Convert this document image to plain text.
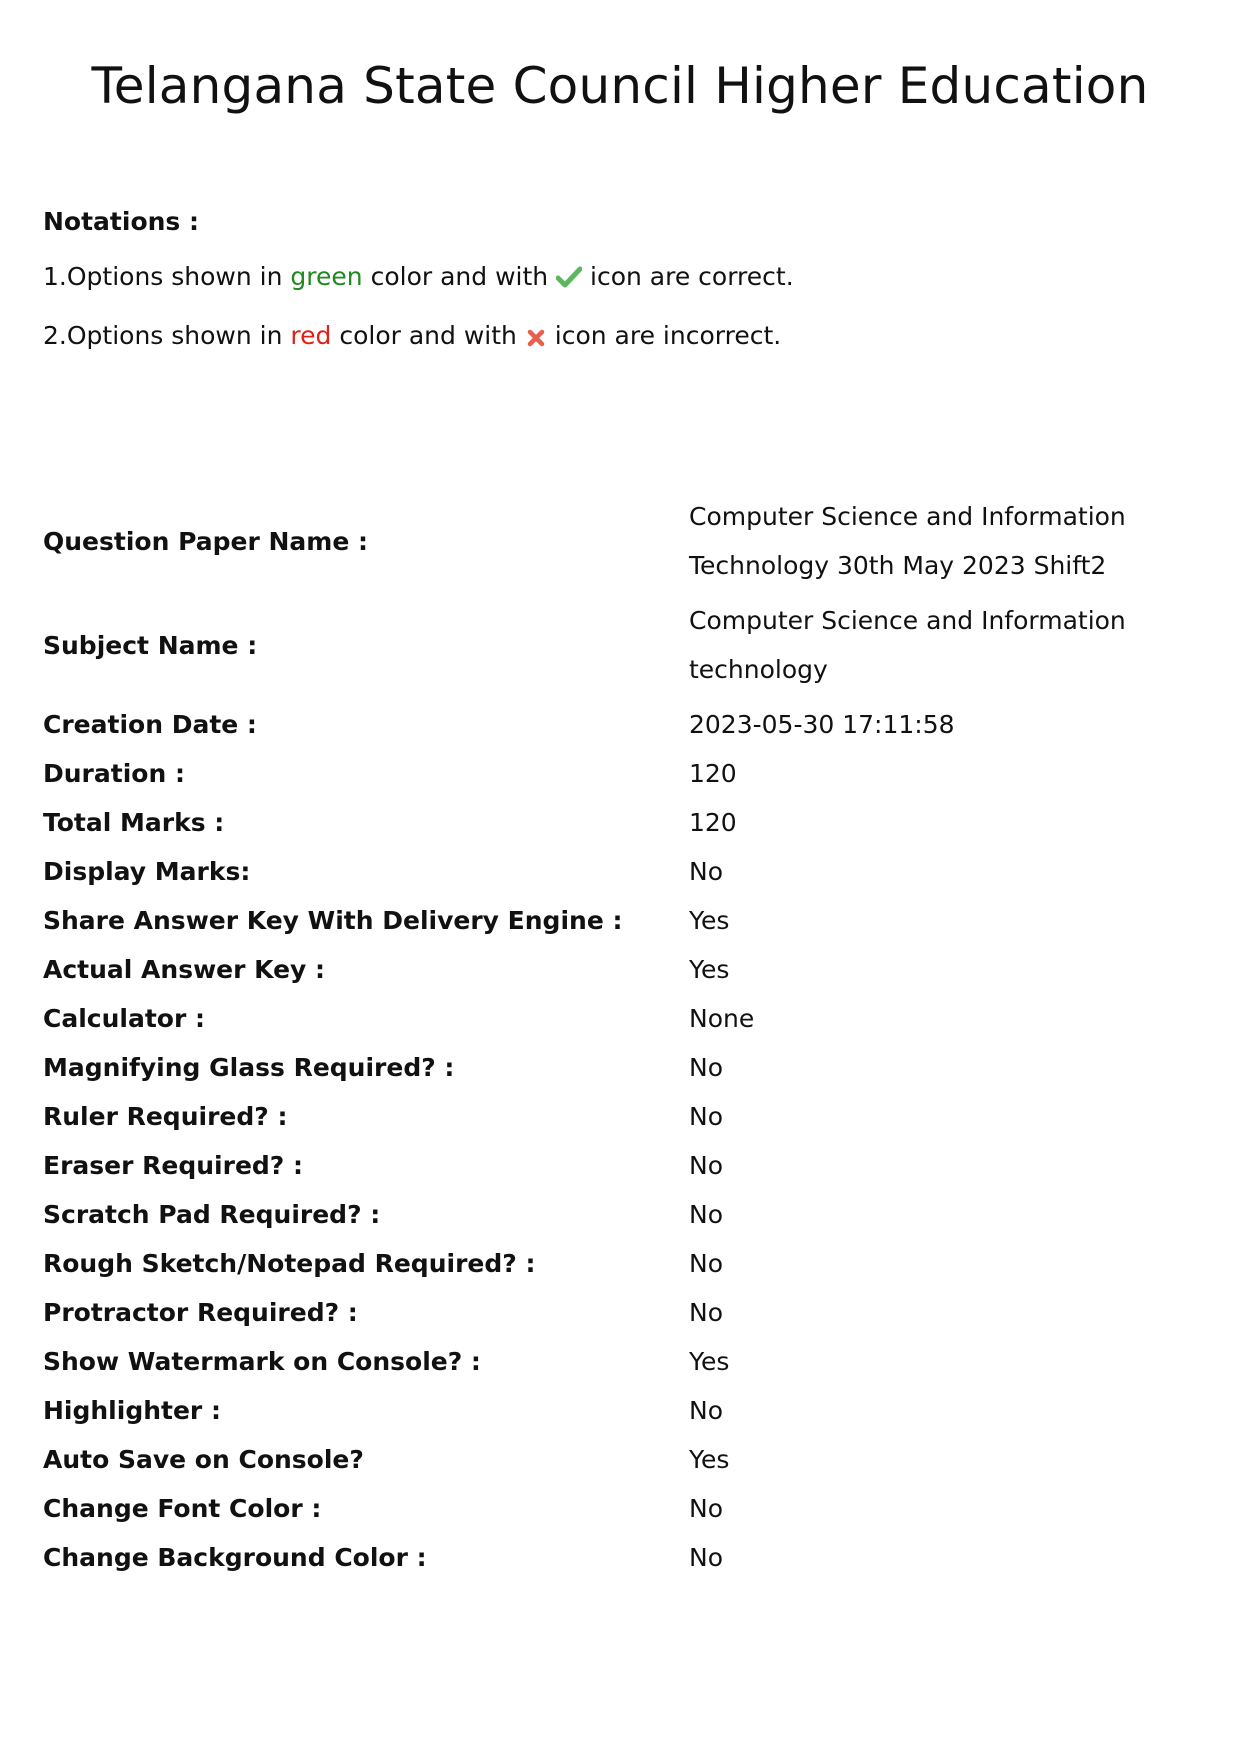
Telangana State Council Higher Education
Notations :
1.Options shown in green color and with icon are correct.
2.Options shown in red color and with icon are incorrect.
Question Paper Name :	Computer Science and Information
Technology 30th May 2023 Shift2

Subject Name :	Computer Science and Information
technology

Creation Date :	2023-05-30 17:11:58
Duration :	120
Total Marks :	120
Display Marks:	No
Share Answer Key With Delivery Engine :	Yes
Actual Answer Key :	Yes
Calculator :	None
Magnifying Glass Required? :	No
Ruler Required? :	No
Eraser Required? :	No
Scratch Pad Required? :	No
Rough Sketch/Notepad Required? :	No
Protractor Required? :	No
Show Watermark on Console? :	Yes
Highlighter :	No
Auto Save on Console?	Yes
Change Font Color :	No
Change Background Color :	No
